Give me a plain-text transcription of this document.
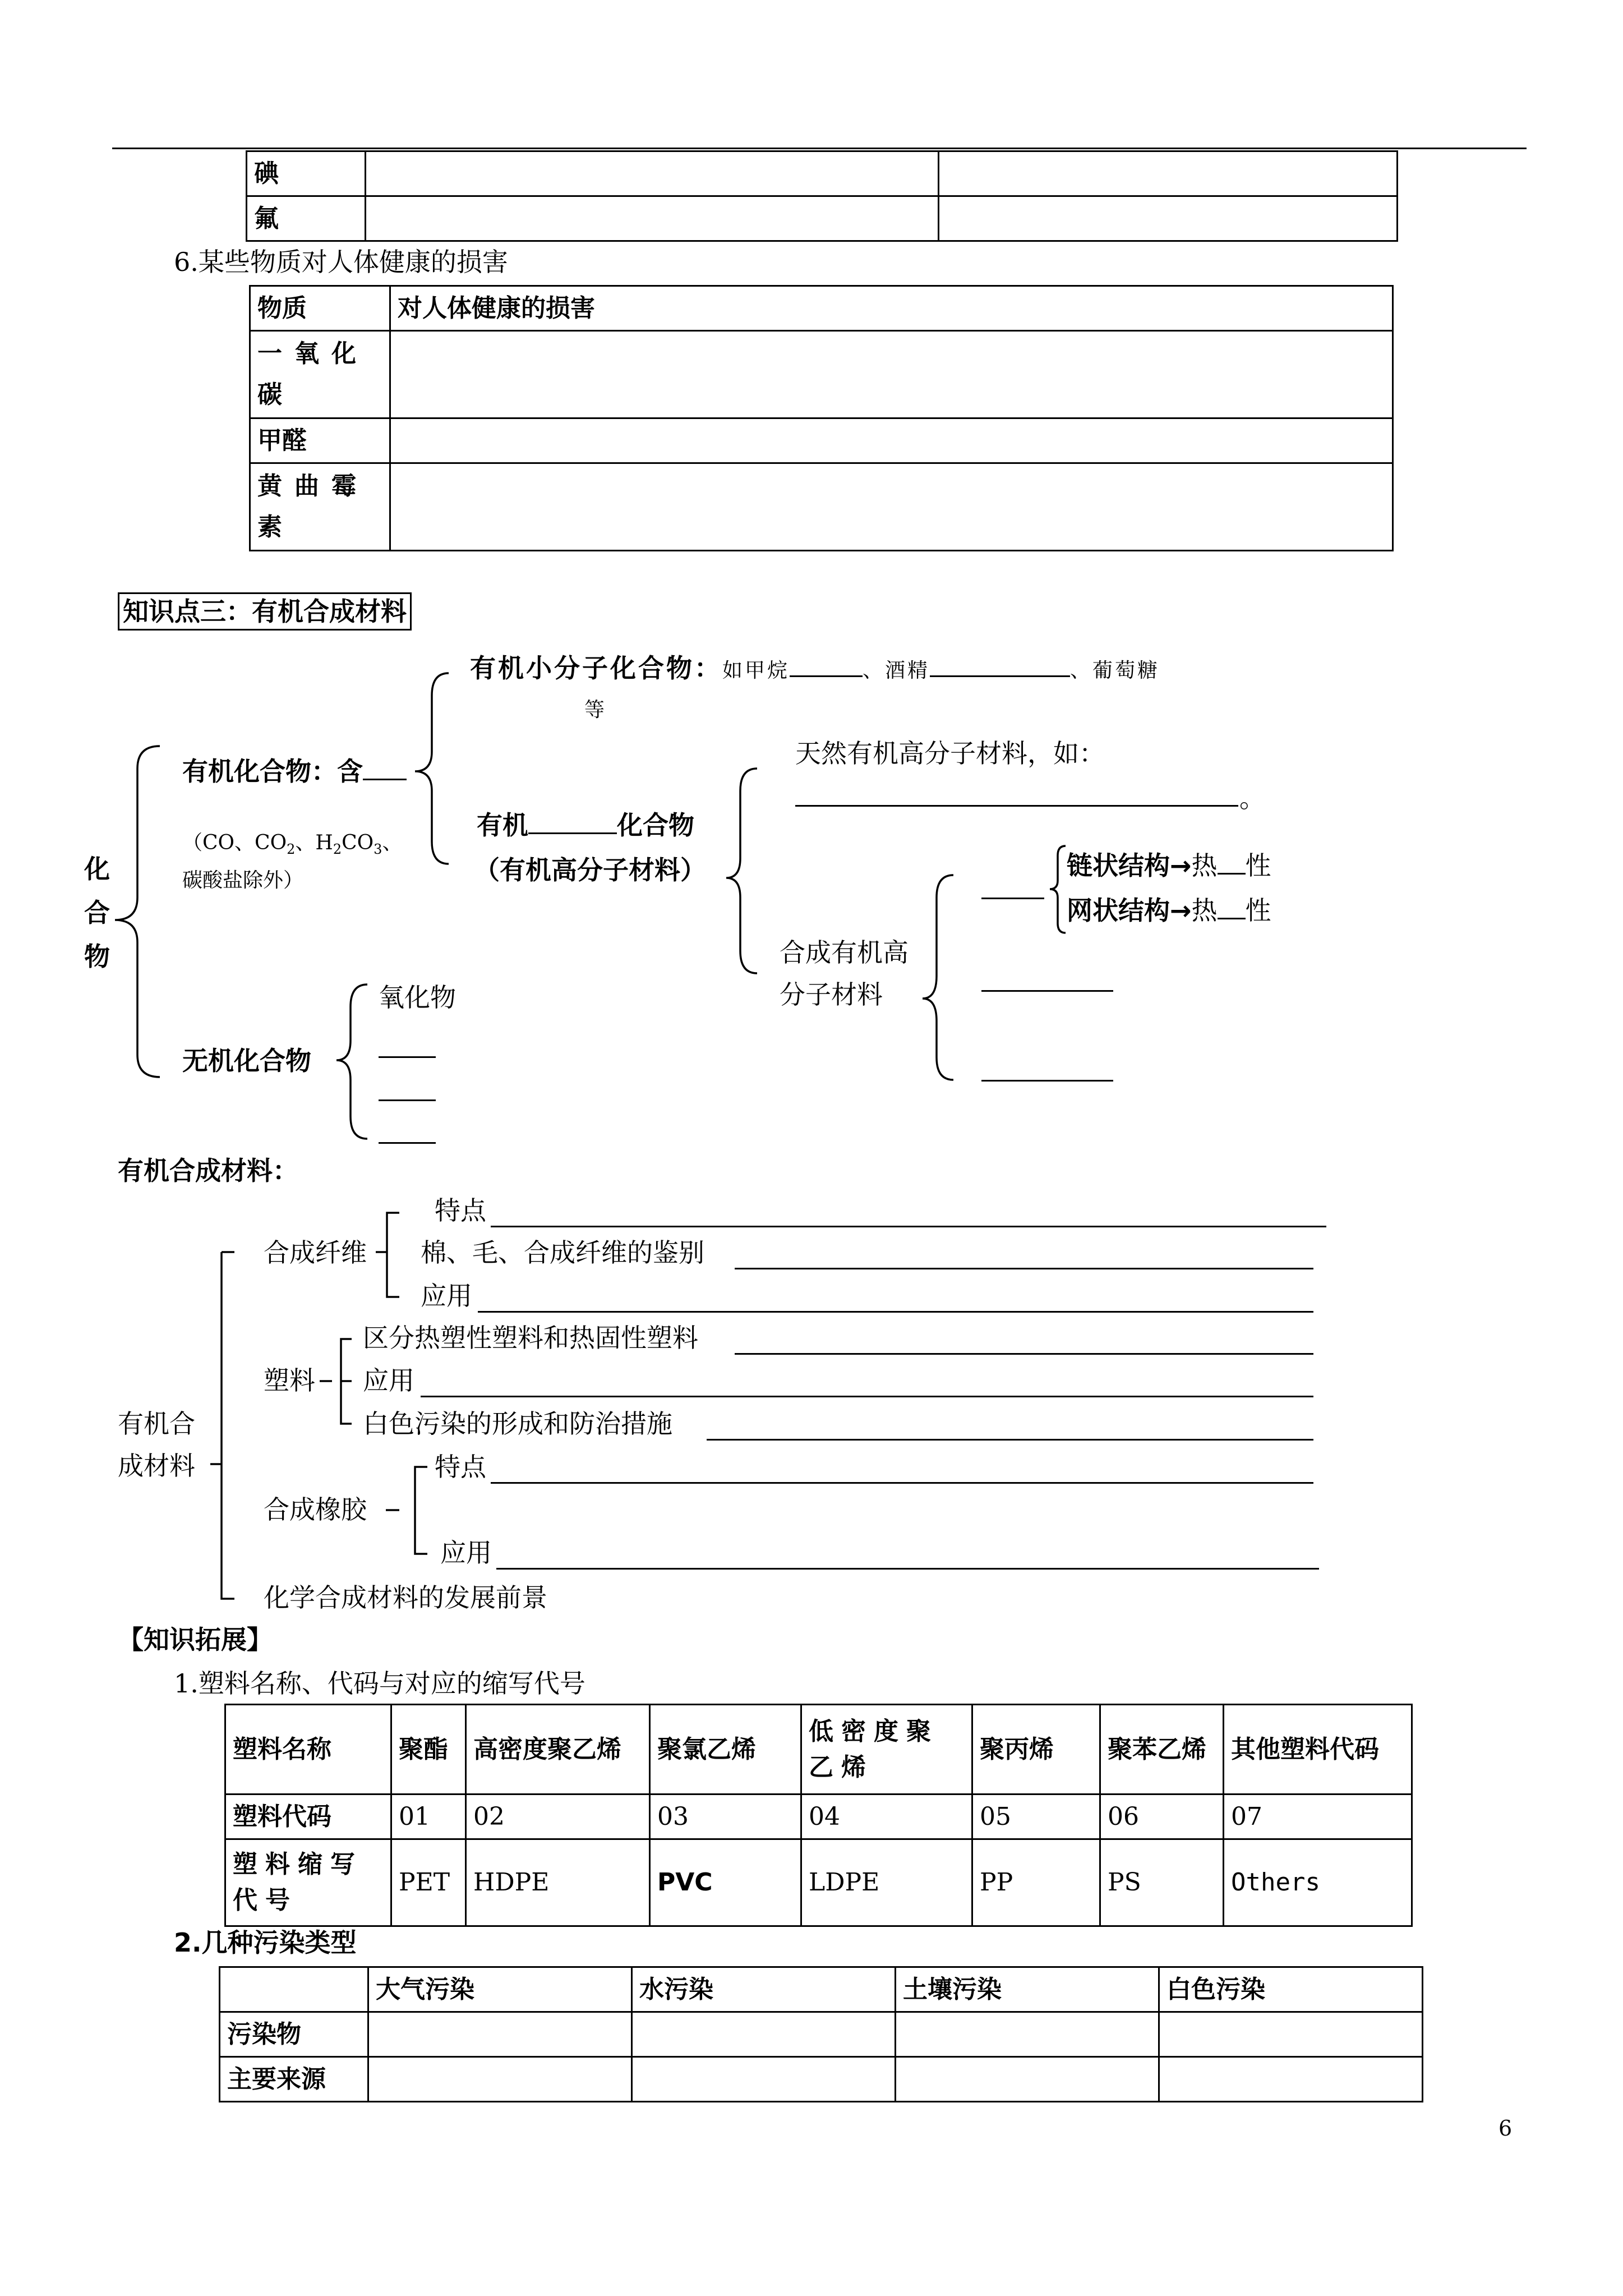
碘		
氟		
6.某些物质对人体健康的损害
物质	对人体健康的损害
一氧化碳	
甲醛	
黄曲霉素	
知识点三：有机合成材料
化合物
有机化合物：含
（CO、$CO_2$、$H_2CO_3$、
碳酸盐除外）
有机小分子化合物：如甲烷	、酒精	、葡萄糖
等
有机	化合物
（有机高分子材料）
天然有机高分子材料，如：
。
合成有机高
分子材料
链状结构→热 性
网状结构→热 性
无机化合物
氧化物
有机合成材料：
合成纤维
特点
棉、毛、合成纤维的鉴别
应用
塑料
区分热塑性塑料和热固性塑料
应用
白色污染的形成和防治措施
有机合
成材料
合成橡胶
特点
应用
化学合成材料的发展前景
【知识拓展】
1.塑料名称、代码与对应的缩写代号
塑料名称	聚酯	高密度聚乙烯	聚氯乙烯	低密度聚乙烯	聚丙烯	聚苯乙烯	其他塑料代码
塑料代码	01	02	03	04	05	06	07
塑料缩写代号	PET	HDPE	PVC	LDPE	PP	PS	Others
2.几种污染类型
	大气污染	水污染	土壤污染	白色污染
污染物				
主要来源				
6
